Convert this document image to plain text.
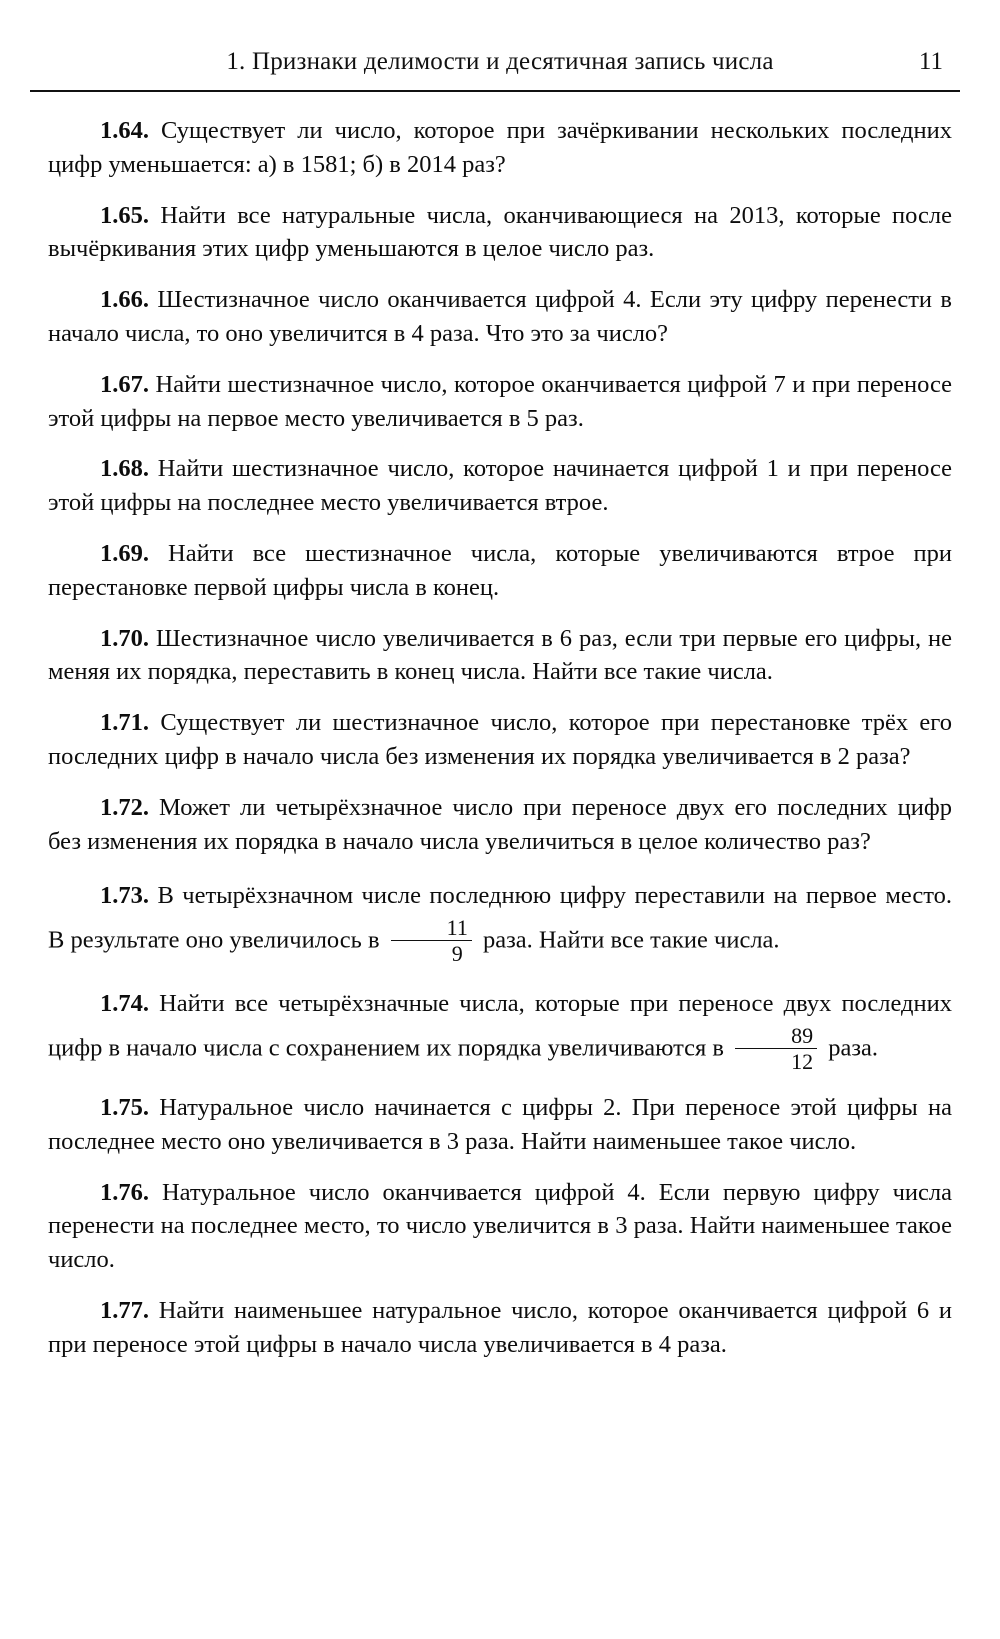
1. Признаки делимости и десятичная запись числа	11

1.64. Существует ли число, которое при зачёркивании нескольких последних цифр уменьшается: а) в 1581; б) в 2014 раз?

1.65. Найти все натуральные числа, оканчивающиеся на 2013, которые после вычёркивания этих цифр уменьшаются в целое число раз.

1.66. Шестизначное число оканчивается цифрой 4. Если эту цифру перенести в начало числа, то оно увеличится в 4 раза. Что это за число?

1.67. Найти шестизначное число, которое оканчивается цифрой 7 и при переносе этой цифры на первое место увеличивается в 5 раз.

1.68. Найти шестизначное число, которое начинается цифрой 1 и при переносе этой цифры на последнее место увеличивается втрое.

1.69. Найти все шестизначное числа, которые увеличиваются втрое при перестановке первой цифры числа в конец.

1.70. Шестизначное число увеличивается в 6 раз, если три первые его цифры, не меняя их порядка, переставить в конец числа. Найти все такие числа.

1.71. Существует ли шестизначное число, которое при перестановке трёх его последних цифр в начало числа без изменения их порядка увеличивается в 2 раза?

1.72. Может ли четырёхзначное число при переносе двух его последних цифр без изменения их порядка в начало числа увеличиться в целое количество раз?

1.73. В четырёхзначном числе последнюю цифру переставили на первое место. В результате оно увеличилось в $\frac{11}{9}$ раза. Найти все такие числа.

1.74. Найти все четырёхзначные числа, которые при переносе двух последних цифр в начало числа с сохранением их порядка увеличиваются в $\frac{89}{12}$ раза.

1.75. Натуральное число начинается с цифры 2. При переносе этой цифры на последнее место оно увеличивается в 3 раза. Найти наименьшее такое число.

1.76. Натуральное число оканчивается цифрой 4. Если первую цифру числа перенести на последнее место, то число увеличится в 3 раза. Найти наименьшее такое число.

1.77. Найти наименьшее натуральное число, которое оканчивается цифрой 6 и при переносе этой цифры в начало числа увеличивается в 4 раза.
